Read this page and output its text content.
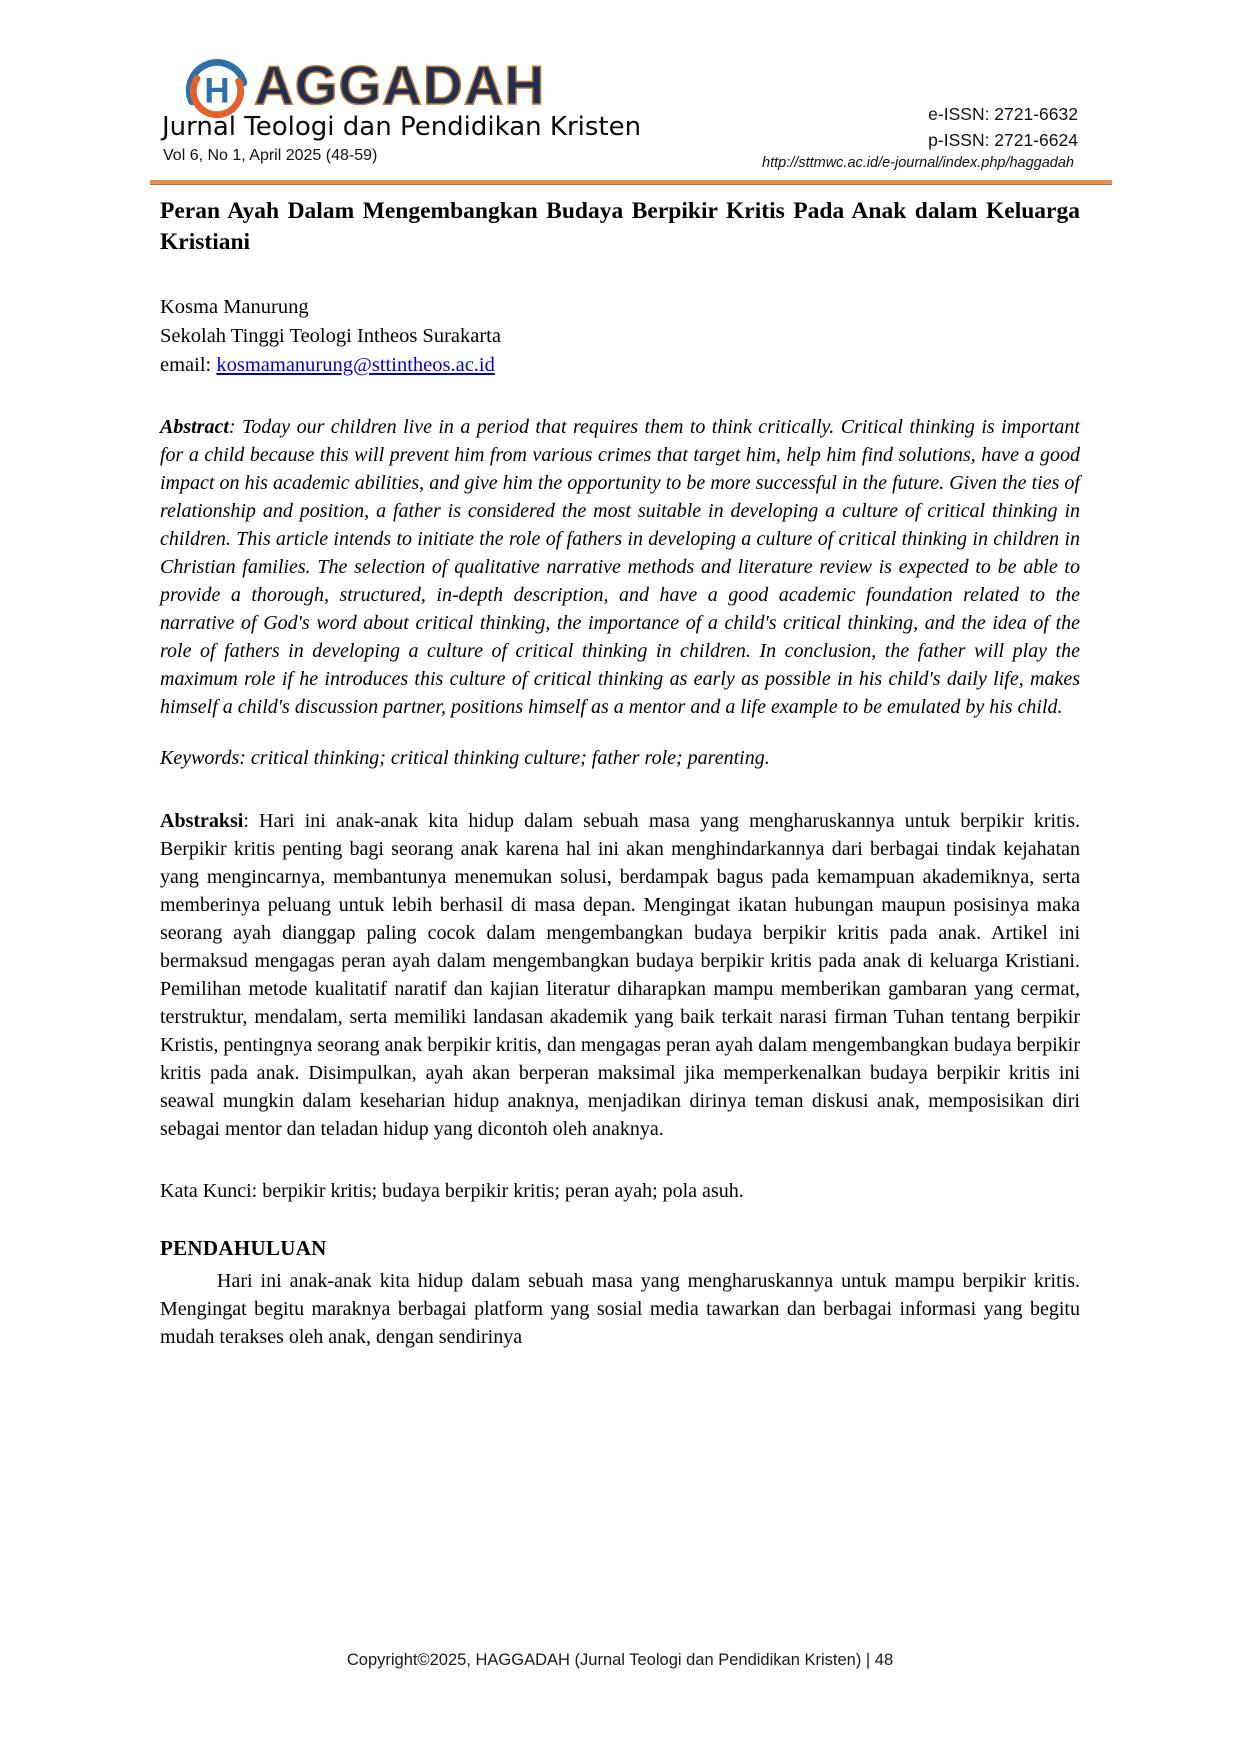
H AGGADAH
Jurnal Teologi dan Pendidikan Kristen
Vol 6, No 1, April 2025 (48-59)
e-ISSN: 2721-6632
p-ISSN: 2721-6624
http://sttmwc.ac.id/e-journal/index.php/haggadah
Peran Ayah Dalam Mengembangkan Budaya Berpikir Kritis Pada Anak dalam Keluarga Kristiani
Kosma Manurung
Sekolah Tinggi Teologi Intheos Surakarta
email: kosmamanurung@sttintheos.ac.id
Abstract: Today our children live in a period that requires them to think critically. Critical thinking is important for a child because this will prevent him from various crimes that target him, help him find solutions, have a good impact on his academic abilities, and give him the opportunity to be more successful in the future. Given the ties of relationship and position, a father is considered the most suitable in developing a culture of critical thinking in children. This article intends to initiate the role of fathers in developing a culture of critical thinking in children in Christian families. The selection of qualitative narrative methods and literature review is expected to be able to provide a thorough, structured, in-depth description, and have a good academic foundation related to the narrative of God's word about critical thinking, the importance of a child's critical thinking, and the idea of the role of fathers in developing a culture of critical thinking in children. In conclusion, the father will play the maximum role if he introduces this culture of critical thinking as early as possible in his child's daily life, makes himself a child's discussion partner, positions himself as a mentor and a life example to be emulated by his child.
Keywords: critical thinking; critical thinking culture; father role; parenting.
Abstraksi: Hari ini anak-anak kita hidup dalam sebuah masa yang mengharuskannya untuk berpikir kritis. Berpikir kritis penting bagi seorang anak karena hal ini akan menghindarkannya dari berbagai tindak kejahatan yang mengincarnya, membantunya menemukan solusi, berdampak bagus pada kemampuan akademiknya, serta memberinya peluang untuk lebih berhasil di masa depan. Mengingat ikatan hubungan maupun posisinya maka seorang ayah dianggap paling cocok dalam mengembangkan budaya berpikir kritis pada anak. Artikel ini bermaksud mengagas peran ayah dalam mengembangkan budaya berpikir kritis pada anak di keluarga Kristiani. Pemilihan metode kualitatif naratif dan kajian literatur diharapkan mampu memberikan gambaran yang cermat, terstruktur, mendalam, serta memiliki landasan akademik yang baik terkait narasi firman Tuhan tentang berpikir Kristis, pentingnya seorang anak berpikir kritis, dan mengagas peran ayah dalam mengembangkan budaya berpikir kritis pada anak. Disimpulkan, ayah akan berperan maksimal jika memperkenalkan budaya berpikir kritis ini seawal mungkin dalam keseharian hidup anaknya, menjadikan dirinya teman diskusi anak, memposisikan diri sebagai mentor dan teladan hidup yang dicontoh oleh anaknya.
Kata Kunci: berpikir kritis; budaya berpikir kritis; peran ayah; pola asuh.
PENDAHULUAN
Hari ini anak-anak kita hidup dalam sebuah masa yang mengharuskannya untuk mampu berpikir kritis. Mengingat begitu maraknya berbagai platform yang sosial media tawarkan dan berbagai informasi yang begitu mudah terakses oleh anak, dengan sendirinya
Copyright©2025, HAGGADAH (Jurnal Teologi dan Pendidikan Kristen) | 48
